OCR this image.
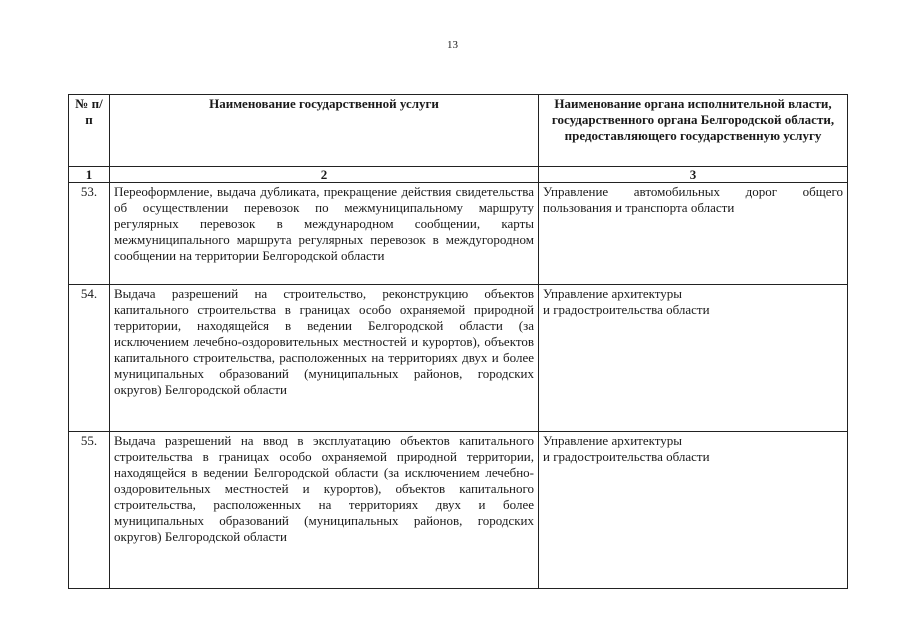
13
№ п/п	Наименование государственной услуги	Наименование органа исполнительной власти, государственного органа Белгородской области, предоставляющего государственную услугу
1	2	3
53.	Переоформление, выдача дубликата, прекращение действия свидетельства об осуществлении перевозок по межмуниципальному маршруту регулярных перевозок в международном сообщении, карты межмуниципального маршрута регулярных перевозок в междугородном сообщении на территории Белгородской области	Управление автомобильных дорог общего пользования и транспорта области
54.	Выдача разрешений на строительство, реконструкцию объектов капитального строительства в границах особо охраняемой природной территории, находящейся в ведении Белгородской области (за исключением лечебно-оздоровительных местностей и курортов), объектов капитального строительства, расположенных на территориях двух и более муниципальных образований (муниципальных районов, городских округов) Белгородской области	Управление архитектуры
и градостроительства области

55.	Выдача разрешений на ввод в эксплуатацию объектов капитального строительства в границах особо охраняемой природной территории, находящейся в ведении Белгородской области (за исключением лечебно-оздоровительных местностей и курортов), объектов капитального строительства, расположенных на территориях двух и более муниципальных образований (муниципальных районов, городских округов) Белгородской области	Управление архитектуры
и градостроительства области
